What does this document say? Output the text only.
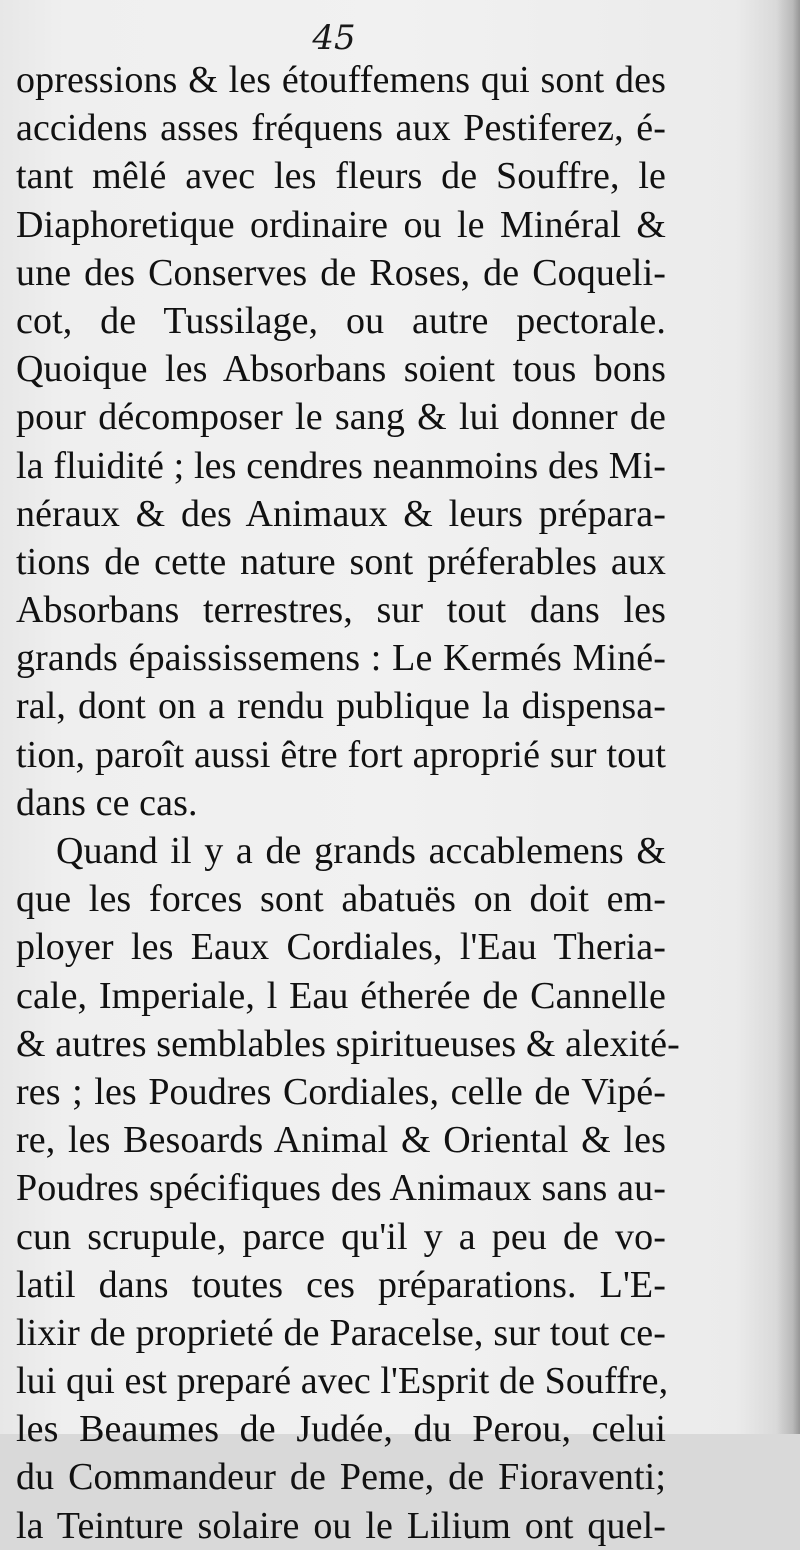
45
opressions & les étouffemens qui sont des
accidens asses fréquens aux Pestiferez, é-
tant mêlé avec les fleurs de Souffre, le
Diaphoretique ordinaire ou le Minéral &
une des Conserves de Roses, de Coqueli-
cot, de Tussilage, ou autre pectorale.
Quoique les Absorbans soient tous bons
pour décomposer le sang & lui donner de
la fluidité ; les cendres neanmoins des Mi-
néraux & des Animaux & leurs prépara-
tions de cette nature sont préferables aux
Absorbans terrestres, sur tout dans les
grands épaississemens : Le Kermés Miné-
ral, dont on a rendu publique la dispensa-
tion, paroît aussi être fort aproprié sur tout
dans ce cas.
Quand il y a de grands accablemens &
que les forces sont abatuës on doit em-
ployer les Eaux Cordiales, l'Eau Theria-
cale, Imperiale, l Eau étherée de Cannelle
& autres semblables spiritueuses & alexité-
res ; les Poudres Cordiales, celle de Vipé-
re, les Besoards Animal & Oriental & les
Poudres spécifiques des Animaux sans au-
cun scrupule, parce qu'il y a peu de vo-
latil dans toutes ces préparations. L'E-
lixir de proprieté de Paracelse, sur tout ce-
lui qui est preparé avec l'Esprit de Souffre,
les Beaumes de Judée, du Perou, celui
du Commandeur de Peme, de Fioraventi;
la Teinture solaire ou le Lilium ont quel-
